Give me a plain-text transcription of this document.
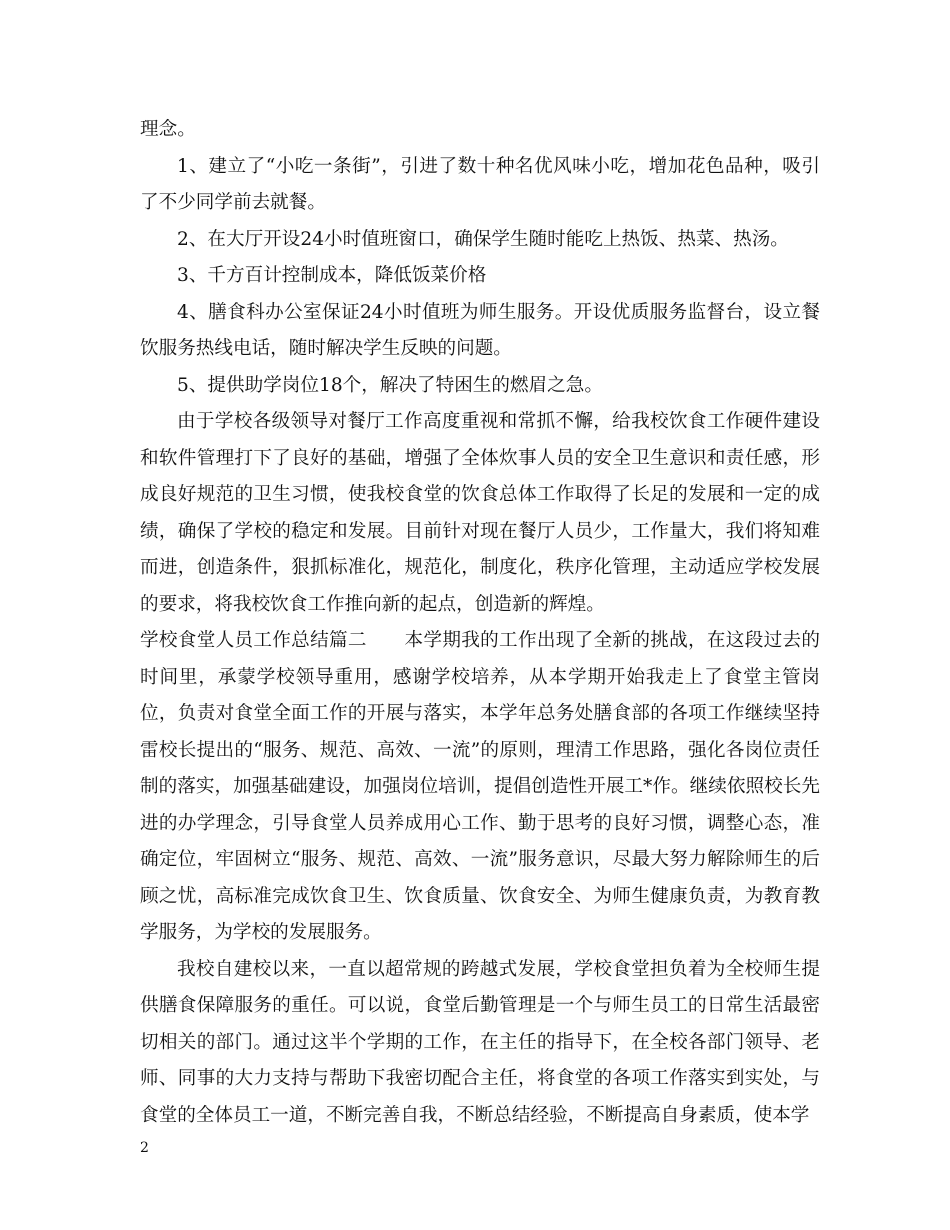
理念。

1、建立了“小吃一条街”，引进了数十种名优风味小吃，增加花色品种，吸引了不少同学前去就餐。

2、在大厅开设24小时值班窗口，确保学生随时能吃上热饭、热菜、热汤。

3、千方百计控制成本，降低饭菜价格

4、膳食科办公室保证24小时值班为师生服务。开设优质服务监督台，设立餐饮服务热线电话，随时解决学生反映的问题。

5、提供助学岗位18个，解决了特困生的燃眉之急。

由于学校各级领导对餐厅工作高度重视和常抓不懈，给我校饮食工作硬件建设和软件管理打下了良好的基础，增强了全体炊事人员的安全卫生意识和责任感，形成良好规范的卫生习惯，使我校食堂的饮食总体工作取得了长足的发展和一定的成绩，确保了学校的稳定和发展。目前针对现在餐厅人员少，工作量大，我们将知难而进，创造条件，狠抓标准化，规范化，制度化，秩序化管理，主动适应学校发展的要求，将我校饮食工作推向新的起点，创造新的辉煌。

学校食堂人员工作总结篇二　　本学期我的工作出现了全新的挑战，在这段过去的时间里，承蒙学校领导重用，感谢学校培养，从本学期开始我走上了食堂主管岗位，负责对食堂全面工作的开展与落实，本学年总务处膳食部的各项工作继续坚持雷校长提出的“服务、规范、高效、一流”的原则，理清工作思路，强化各岗位责任制的落实，加强基础建设，加强岗位培训，提倡创造性开展工*作。继续依照校长先进的办学理念，引导食堂人员养成用心工作、勤于思考的良好习惯，调整心态，准确定位，牢固树立“服务、规范、高效、一流”服务意识，尽最大努力解除师生的后顾之忧，高标准完成饮食卫生、饮食质量、饮食安全、为师生健康负责，为教育教学服务，为学校的发展服务。

我校自建校以来，一直以超常规的跨越式发展，学校食堂担负着为全校师生提供膳食保障服务的重任。可以说，食堂后勤管理是一个与师生员工的日常生活最密切相关的部门。通过这半个学期的工作，在主任的指导下，在全校各部门领导、老师、同事的大力支持与帮助下我密切配合主任，将食堂的各项工作落实到实处，与食堂的全体员工一道，不断完善自我，不断总结经验，不断提高自身素质，使本学

2
